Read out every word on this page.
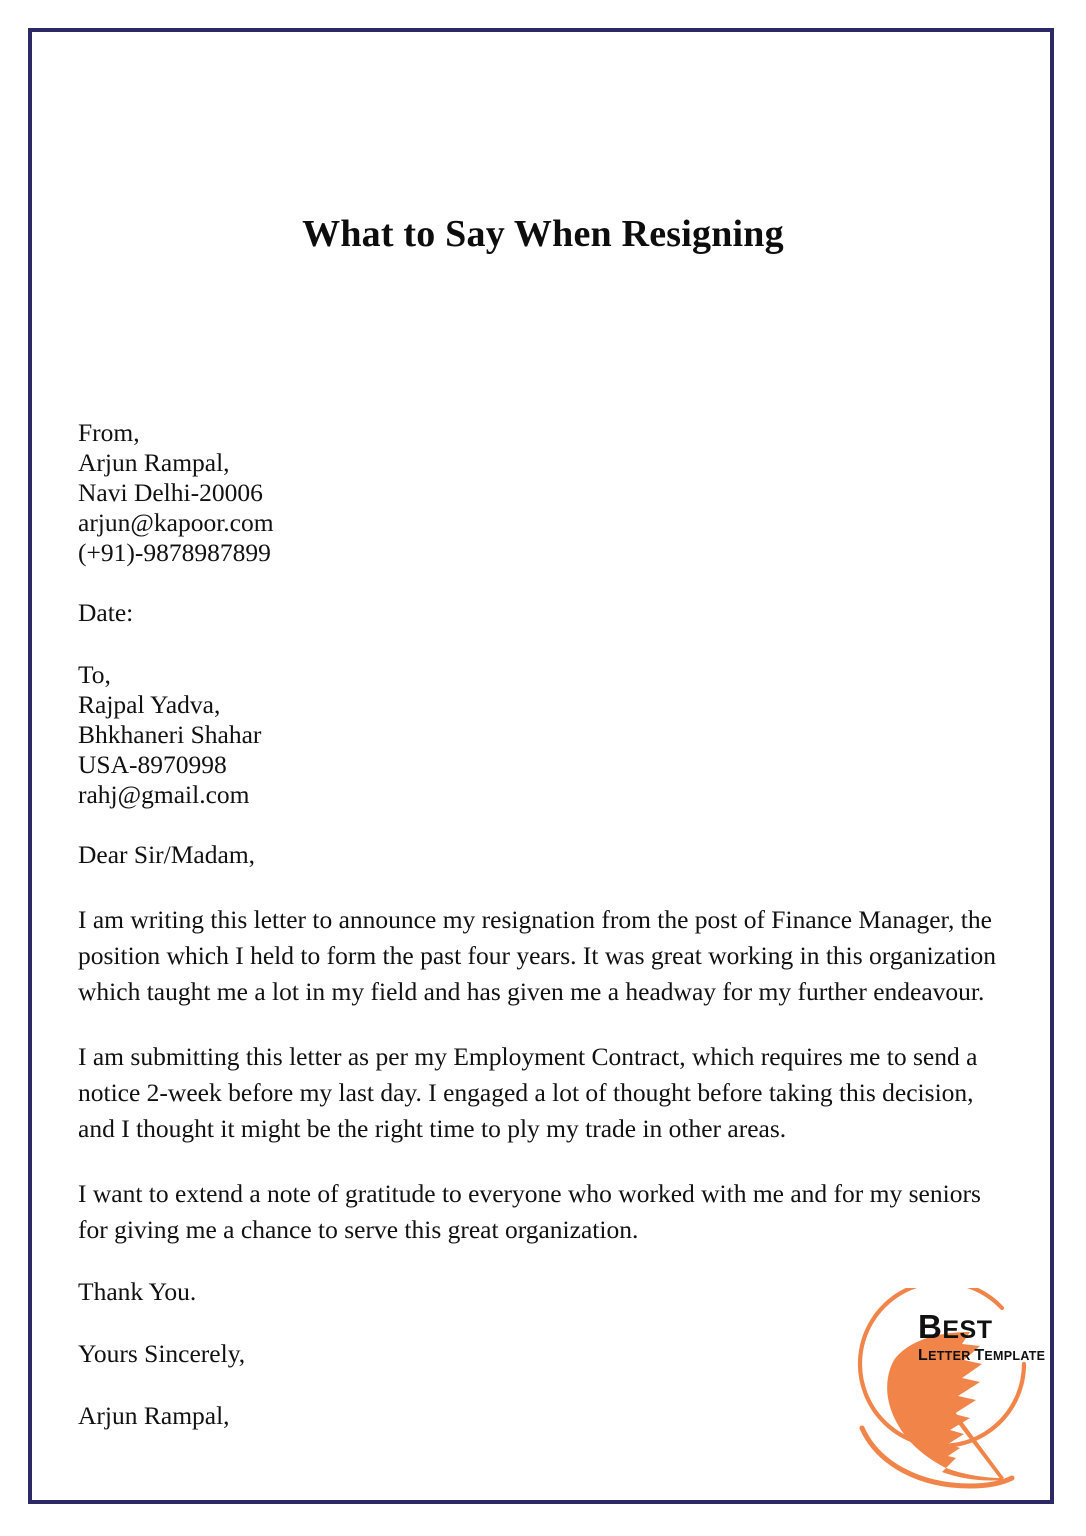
What to Say When Resigning
From,
Arjun Rampal,
Navi Delhi-20006
arjun@kapoor.com
(+91)-9878987899
Date:
To,
Rajpal Yadva,
Bhkhaneri Shahar
USA-8970998
rahj@gmail.com
Dear Sir/Madam,

I am writing this letter to announce my resignation from the post of Finance Manager, the position which I held to form the past four years. It was great working in this organization which taught me a lot in my field and has given me a headway for my further endeavour.

I am submitting this letter as per my Employment Contract, which requires me to send a notice 2-week before my last day. I engaged a lot of thought before taking this decision, and I thought it might be the right time to ply my trade in other areas.

I want to extend a note of gratitude to everyone who worked with me and for my seniors for giving me a chance to serve this great organization.

Thank You.
Yours Sincerely,
Arjun Rampal,
BEST
LETTER TEMPLATE
